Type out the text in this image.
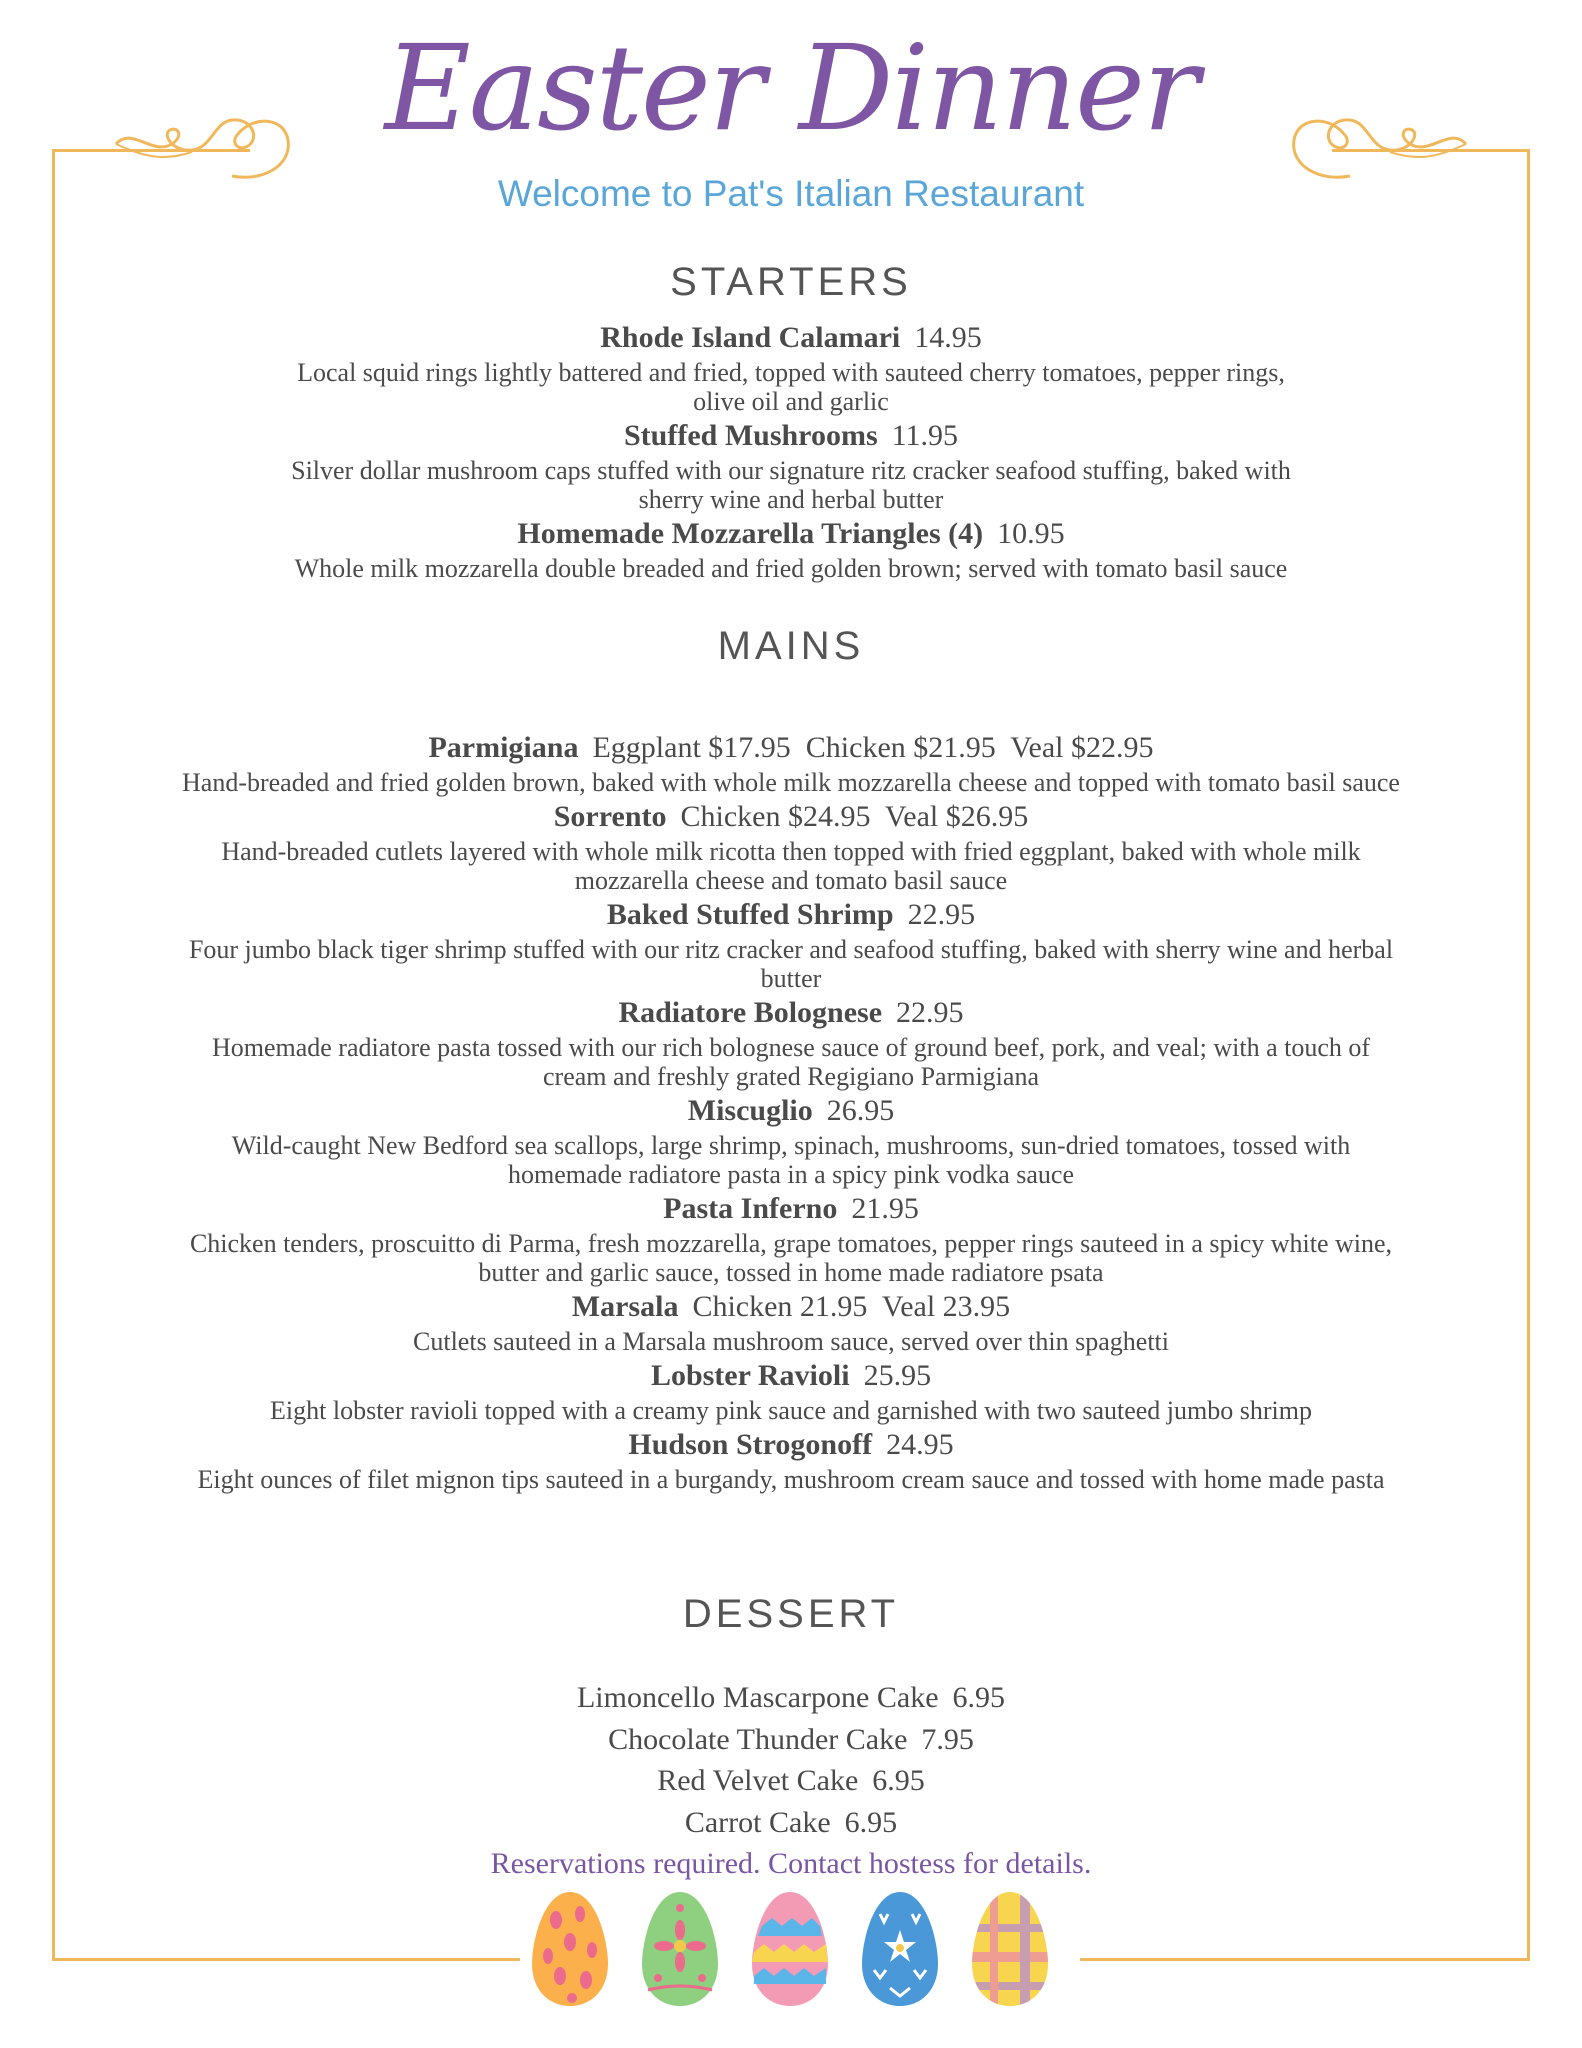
Easter Dinner
Welcome to Pat's Italian Restaurant
STARTERS
Rhode Island Calamari 14.95
Local squid rings lightly battered and fried, topped with sauteed cherry tomatoes, pepper rings,
olive oil and garlic
Stuffed Mushrooms 11.95
Silver dollar mushroom caps stuffed with our signature ritz cracker seafood stuffing, baked with
sherry wine and herbal butter
Homemade Mozzarella Triangles (4) 10.95
Whole milk mozzarella double breaded and fried golden brown; served with tomato basil sauce
MAINS
Parmigiana Eggplant $17.95  Chicken $21.95  Veal $22.95
Hand-breaded and fried golden brown, baked with whole milk mozzarella cheese and topped with tomato basil sauce
Sorrento Chicken $24.95  Veal $26.95
Hand-breaded cutlets layered with whole milk ricotta then topped with fried eggplant, baked with whole milk
mozzarella cheese and tomato basil sauce
Baked Stuffed Shrimp 22.95
Four jumbo black tiger shrimp stuffed with our ritz cracker and seafood stuffing, baked with sherry wine and herbal
butter
Radiatore Bolognese 22.95
Homemade radiatore pasta tossed with our rich bolognese sauce of ground beef, pork, and veal; with a touch of
cream and freshly grated Regigiano Parmigiana
Miscuglio 26.95
Wild-caught New Bedford sea scallops, large shrimp, spinach, mushrooms, sun-dried tomatoes, tossed with
homemade radiatore pasta in a spicy pink vodka sauce
Pasta Inferno 21.95
Chicken tenders, proscuitto di Parma, fresh mozzarella, grape tomatoes, pepper rings sauteed in a spicy white wine,
butter and garlic sauce, tossed in home made radiatore psata
Marsala Chicken 21.95  Veal 23.95
Cutlets sauteed in a Marsala mushroom sauce, served over thin spaghetti
Lobster Ravioli 25.95
Eight lobster ravioli topped with a creamy pink sauce and garnished with two sauteed jumbo shrimp
Hudson Strogonoff 24.95
Eight ounces of filet mignon tips sauteed in a burgandy, mushroom cream sauce and tossed with home made pasta
DESSERT
Limoncello Mascarpone Cake 6.95
Chocolate Thunder Cake 7.95
Red Velvet Cake 6.95
Carrot Cake 6.95
Reservations required. Contact hostess for details.
